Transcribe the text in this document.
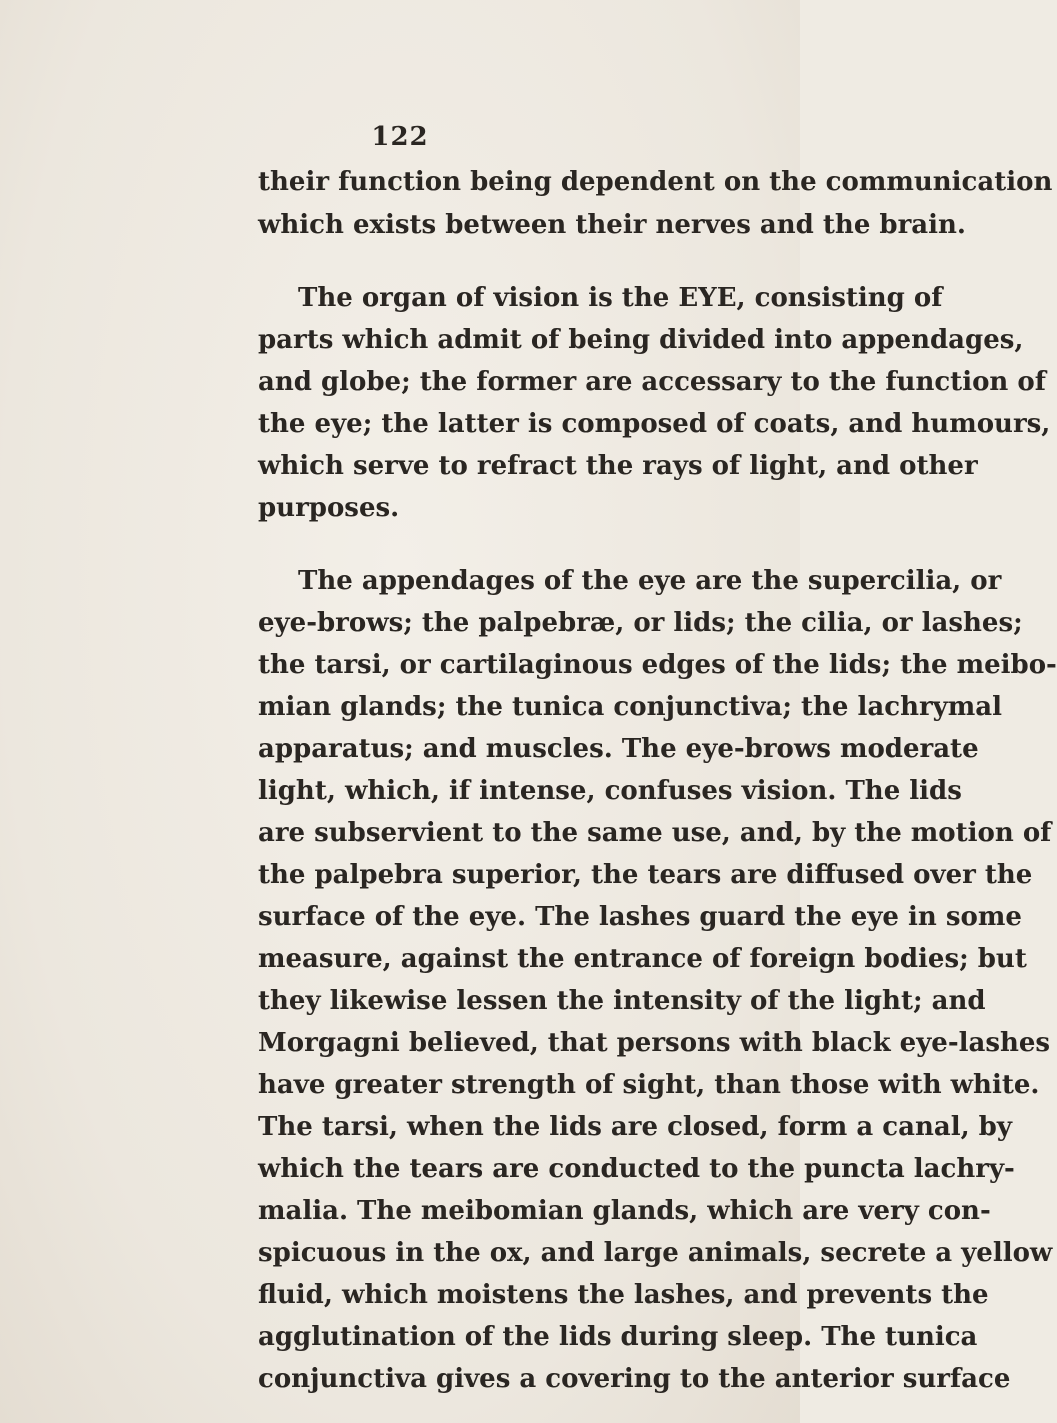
122
their function being dependent on the communication
which exists between their nerves and the brain.
The organ of vision is the EYE, consisting of
parts which admit of being divided into appendages,
and globe; the former are accessary to the function of
the eye; the latter is composed of coats, and humours,
which serve to refract the rays of light, and other
purposes.
The appendages of the eye are the supercilia, or
eye-brows; the palpebræ, or lids; the cilia, or lashes;
the tarsi, or cartilaginous edges of the lids; the meibo-
mian glands; the tunica conjunctiva; the lachrymal
apparatus; and muscles. The eye-brows moderate
light, which, if intense, confuses vision. The lids
are subservient to the same use, and, by the motion of
the palpebra superior, the tears are diffused over the
surface of the eye. The lashes guard the eye in some
measure, against the entrance of foreign bodies; but
they likewise lessen the intensity of the light; and
Morgagni believed, that persons with black eye-lashes
have greater strength of sight, than those with white.
The tarsi, when the lids are closed, form a canal, by
which the tears are conducted to the puncta lachry-
malia. The meibomian glands, which are very con-
spicuous in the ox, and large animals, secrete a yellow
fluid, which moistens the lashes, and prevents the
agglutination of the lids during sleep. The tunica
conjunctiva gives a covering to the anterior surface
